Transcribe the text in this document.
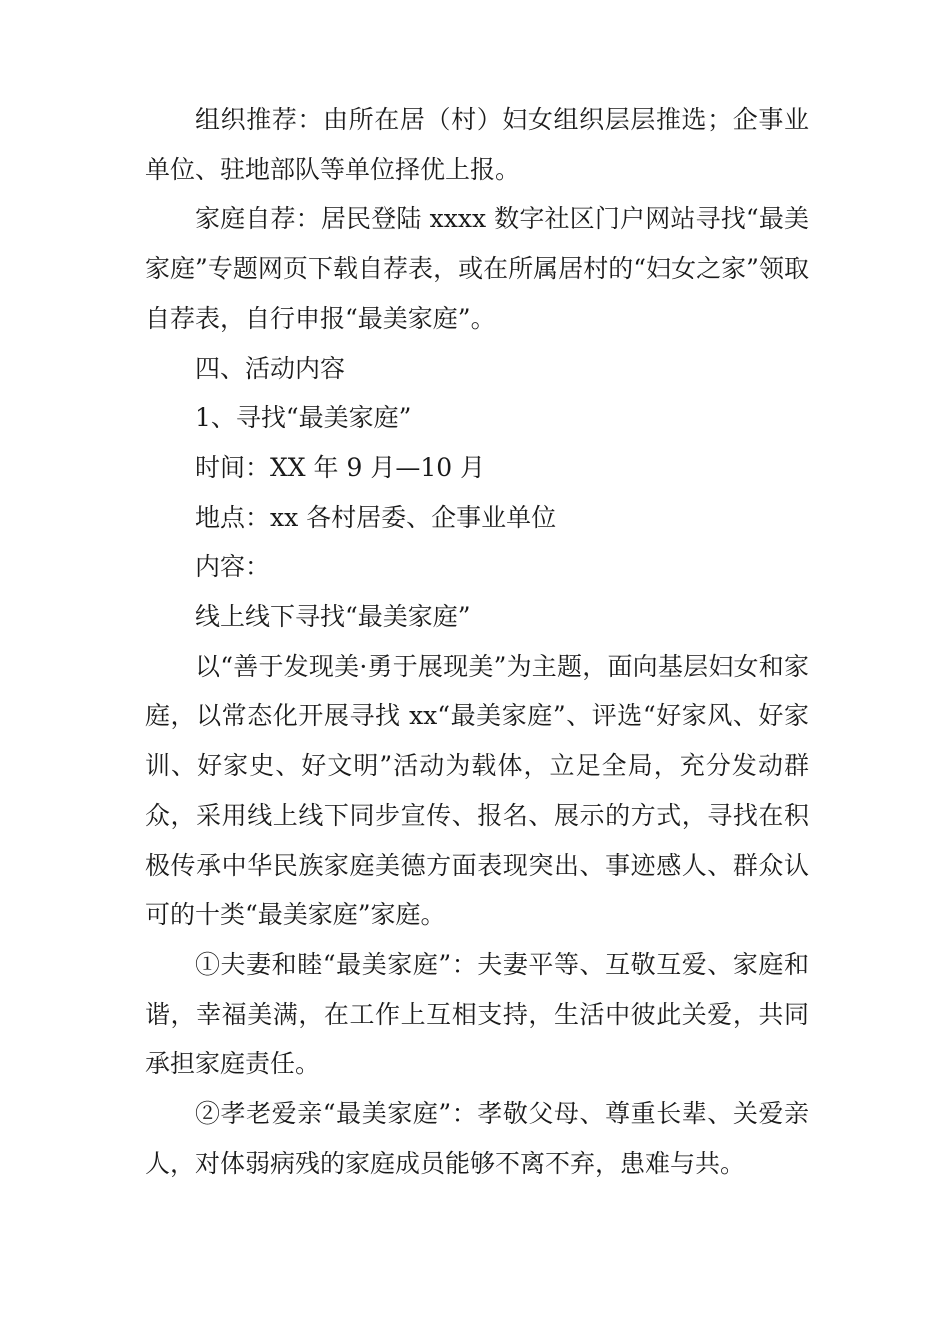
组织推荐：由所在居（村）妇女组织层层推选；企事业单位、驻地部队等单位择优上报。

家庭自荐：居民登陆 xxxx 数字社区门户网站寻找“最美家庭”专题网页下载自荐表，或在所属居村的“妇女之家”领取自荐表，自行申报“最美家庭”。

四、活动内容

1、寻找“最美家庭”

时间：XX 年 9 月—10 月

地点：xx 各村居委、企事业单位

内容：

线上线下寻找“最美家庭”

以“善于发现美·勇于展现美”为主题，面向基层妇女和家庭，以常态化开展寻找 xx“最美家庭”、评选“好家风、好家训、好家史、好文明”活动为载体，立足全局，充分发动群众，采用线上线下同步宣传、报名、展示的方式，寻找在积极传承中华民族家庭美德方面表现突出、事迹感人、群众认可的十类“最美家庭”家庭。

①夫妻和睦“最美家庭”：夫妻平等、互敬互爱、家庭和谐，幸福美满，在工作上互相支持，生活中彼此关爱，共同承担家庭责任。

②孝老爱亲“最美家庭”：孝敬父母、尊重长辈、关爱亲人，对体弱病残的家庭成员能够不离不弃，患难与共。
